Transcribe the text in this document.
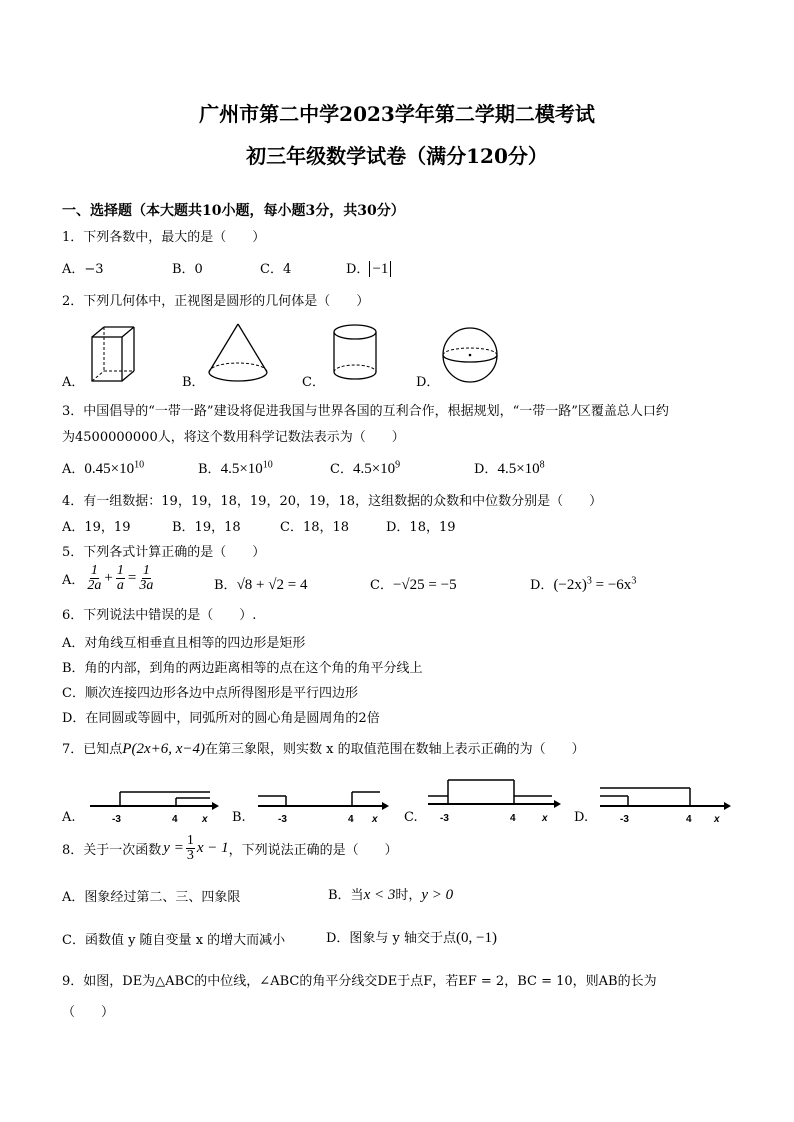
广州市第二中学2023学年第二学期二模考试
初三年级数学试卷（满分120分）
一、选择题（本大题共10小题，每小题3分，共30分）
1．下列各数中，最大的是（　　）
A．−3	B．0	C．4	D． −1
2．下列几何体中，正视图是圆形的几何体是（　　）
A．	B．	C．	D．
3．中国倡导的“一带一路”建设将促进我国与世界各国的互利合作，根据规划，“一带一路”区覆盖总人口约
为4500000000人，将这个数用科学记数法表示为（　　）
A．$0.45\times 10^{10}$	B．$4.5\times 10^{10}$	C．$4.5\times 10^9$	D．$4.5\times 10^8$
4．有一组数据：19，19，18，19，20，19，18，这组数据的众数和中位数分别是（　　）
A．19，19	B．19，18	C．18，18	D．18，19
5．下列各式计算正确的是（　　）
A． $\frac{1}{2a} + \frac{1}{a} = \frac{1}{3a}$	B．√8 + √2 = 4	C．−√25 = −5	D．$(-2x)^3 = -6x^3$
6．下列说法中错误的是（　　）.
A．对角线互相垂直且相等的四边形是矩形
B．角的内部，到角的两边距离相等的点在这个角的角平分线上
C．顺次连接四边形各边中点所得图形是平行四边形
D．在同圆或等圆中，同弧所对的圆心角是圆周角的2倍
7．已知点P(2x+6, x−4)在第三象限，则实数 x 的取值范围在数轴上表示正确的为（　　）
A.	-3	4 x B.	-3	4 x C. -3	4	x D.	-3	4 x
8．关于一次函数 $y = \frac{1}{3}$ x − 1 ，下列说法正确的是（　　）
A．图象经过第二、三、四象限	B．当x < 3时，y > 0
C．函数值 y 随自变量 x 的增大而减小	D．图象与 y 轴交于点(0, −1)
9．如图，DE为△ABC的中位线，∠ABC的角平分线交DE于点F，若EF = 2，BC = 10，则AB的长为
（　　）
